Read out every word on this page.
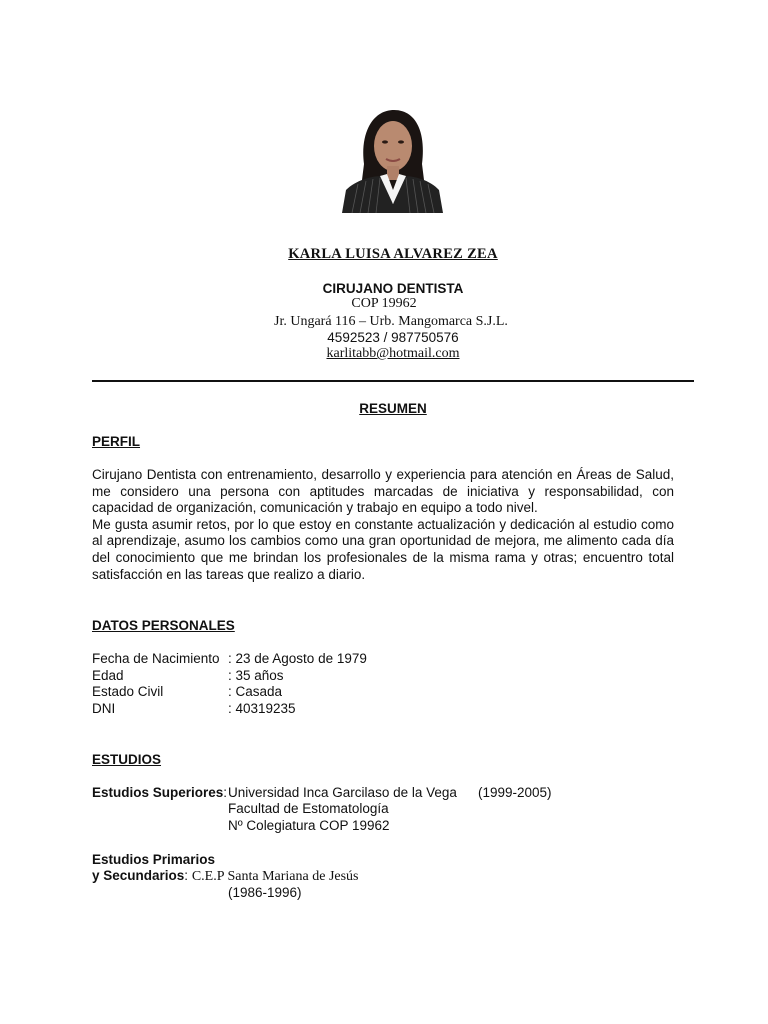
KARLA LUISA ALVAREZ ZEA
CIRUJANO DENTISTA
COP 19962
Jr. Ungará 116 – Urb. Mangomarca S.J.L.
4592523 / 987750576
karlitabb@hotmail.com
RESUMEN
PERFIL

Cirujano Dentista con entrenamiento, desarrollo y experiencia para atención en Áreas de Salud, me considero una persona con aptitudes marcadas de iniciativa y responsabilidad, con capacidad de organización, comunicación y trabajo en equipo a todo nivel.

Me gusta asumir retos, por lo que estoy en constante actualización y dedicación al estudio como al aprendizaje, asumo los cambios como una gran oportunidad de mejora, me alimento cada día del conocimiento que me brindan los profesionales de la misma rama y otras; encuentro total satisfacción en las tareas que realizo a diario.

DATOS PERSONALES
Fecha de Nacimiento : 23 de Agosto de 1979
Edad	: 35 años
Estado Civil	: Casada
DNI	: 40319235
ESTUDIOS
Estudios Superiores: Universidad Inca Garcilaso de la Vega (1999-2005)
Facultad de Estomatología
Nº Colegiatura COP 19962
Estudios Primarios
y Secundarios: C.E.P Santa Mariana de Jesús
(1986-1996)
